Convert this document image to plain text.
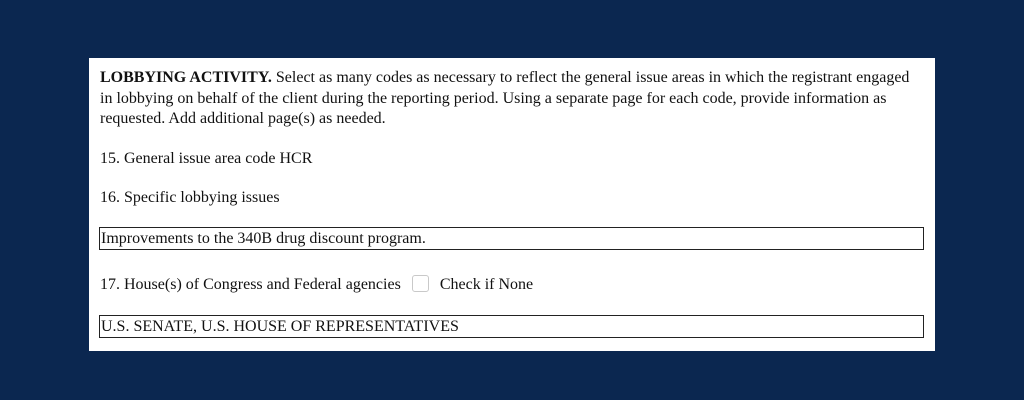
LOBBYING ACTIVITY. Select as many codes as necessary to reflect the general issue areas in which the registrant engaged in lobbying on behalf of the client during the reporting period. Using a separate page for each code, provide information as requested. Add additional page(s) as needed.
15. General issue area code HCR
16. Specific lobbying issues
Improvements to the 340B drug discount program.
17. House(s) of Congress and Federal agencies Check if None
U.S. SENATE, U.S. HOUSE OF REPRESENTATIVES
